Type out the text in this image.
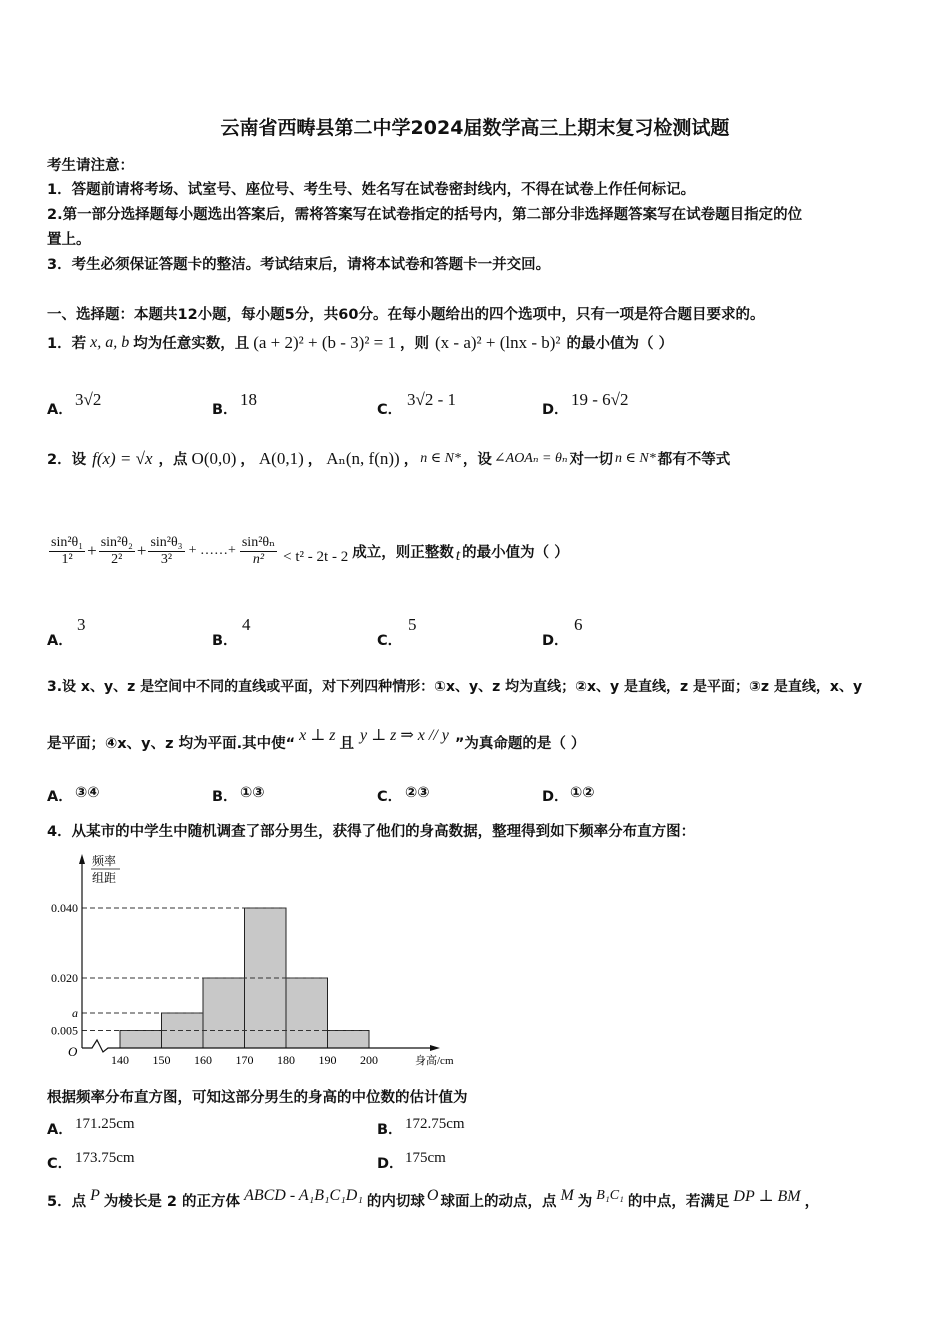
云南省西畴县第二中学2024届数学高三上期末复习检测试题
考生请注意：
1．答题前请将考场、试室号、座位号、考生号、姓名写在试卷密封线内，不得在试卷上作任何标记。
2.第一部分选择题每小题选出答案后，需将答案写在试卷指定的括号内，第二部分非选择题答案写在试卷题目指定的位
置上。
3．考生必须保证答题卡的整洁。考试结束后，请将本试卷和答题卡一并交回。
一、选择题：本题共12小题，每小题5分，共60分。在每小题给出的四个选项中，只有一项是符合题目要求的。
1．若 x, a, b 均为任意实数，且 (a + 2)² + (b - 3)² = 1 ，则 (x - a)² + (lnx - b)² 的最小值为（ ）
A．
3√2
B．
18
C．
3√2 - 1
D．
19 - 6√2
2．设 f(x) = √x ，点 O(0,0) ， A(0,1) ， Aₙ(n, f(n)) ， n ∈ N* ，设 ∠AOAₙ = θₙ 对一切 n ∈ N* 都有不等式
$\frac{\text{sin²θ₁}}{\text{1²}} + \frac{\text{sin²θ₂}}{\text{2²}} + \frac{\text{sin²θ₃}}{\text{3²}}$ + ……+ $\frac{\text{sin²θₙ}}{\text{n²}} < t^2 - 2t - 2$ 成立，则正整数 t 的最小值为（ ）
A．
3
B．
4
C．
5
D．
6
3.设 x、y、z 是空间中不同的直线或平面，对下列四种情形：①x、y、z 均为直线；②x、y 是直线，z 是平面；③z 是直线，x、y
是平面；④x、y、z 均为平面.其中使“
x ⊥ z
且
y ⊥ z ⇒ x // y
”为真命题的是（ ）
A． ③④	B． ①③	C． ②③	D． ①②
4．从某市的中学生中随机调查了部分男生，获得了他们的身高数据，整理得到如下频率分布直方图：
0.040
0.020
a
0.005
140 150 160 170 180 190 200
O
频率
组距
身高/cm
根据频率分布直方图，可知这部分男生的身高的中位数的估计值为
A． 171.25cm	B． 172.75cm
C． 173.75cm	D． 175cm
5．点 P 为棱长是 2 的正方体 ABCD - A₁B₁C₁D₁ 的内切球 O 球面上的动点，点 M 为 B₁C₁ 的中点，若满足 DP ⊥ BM ，
